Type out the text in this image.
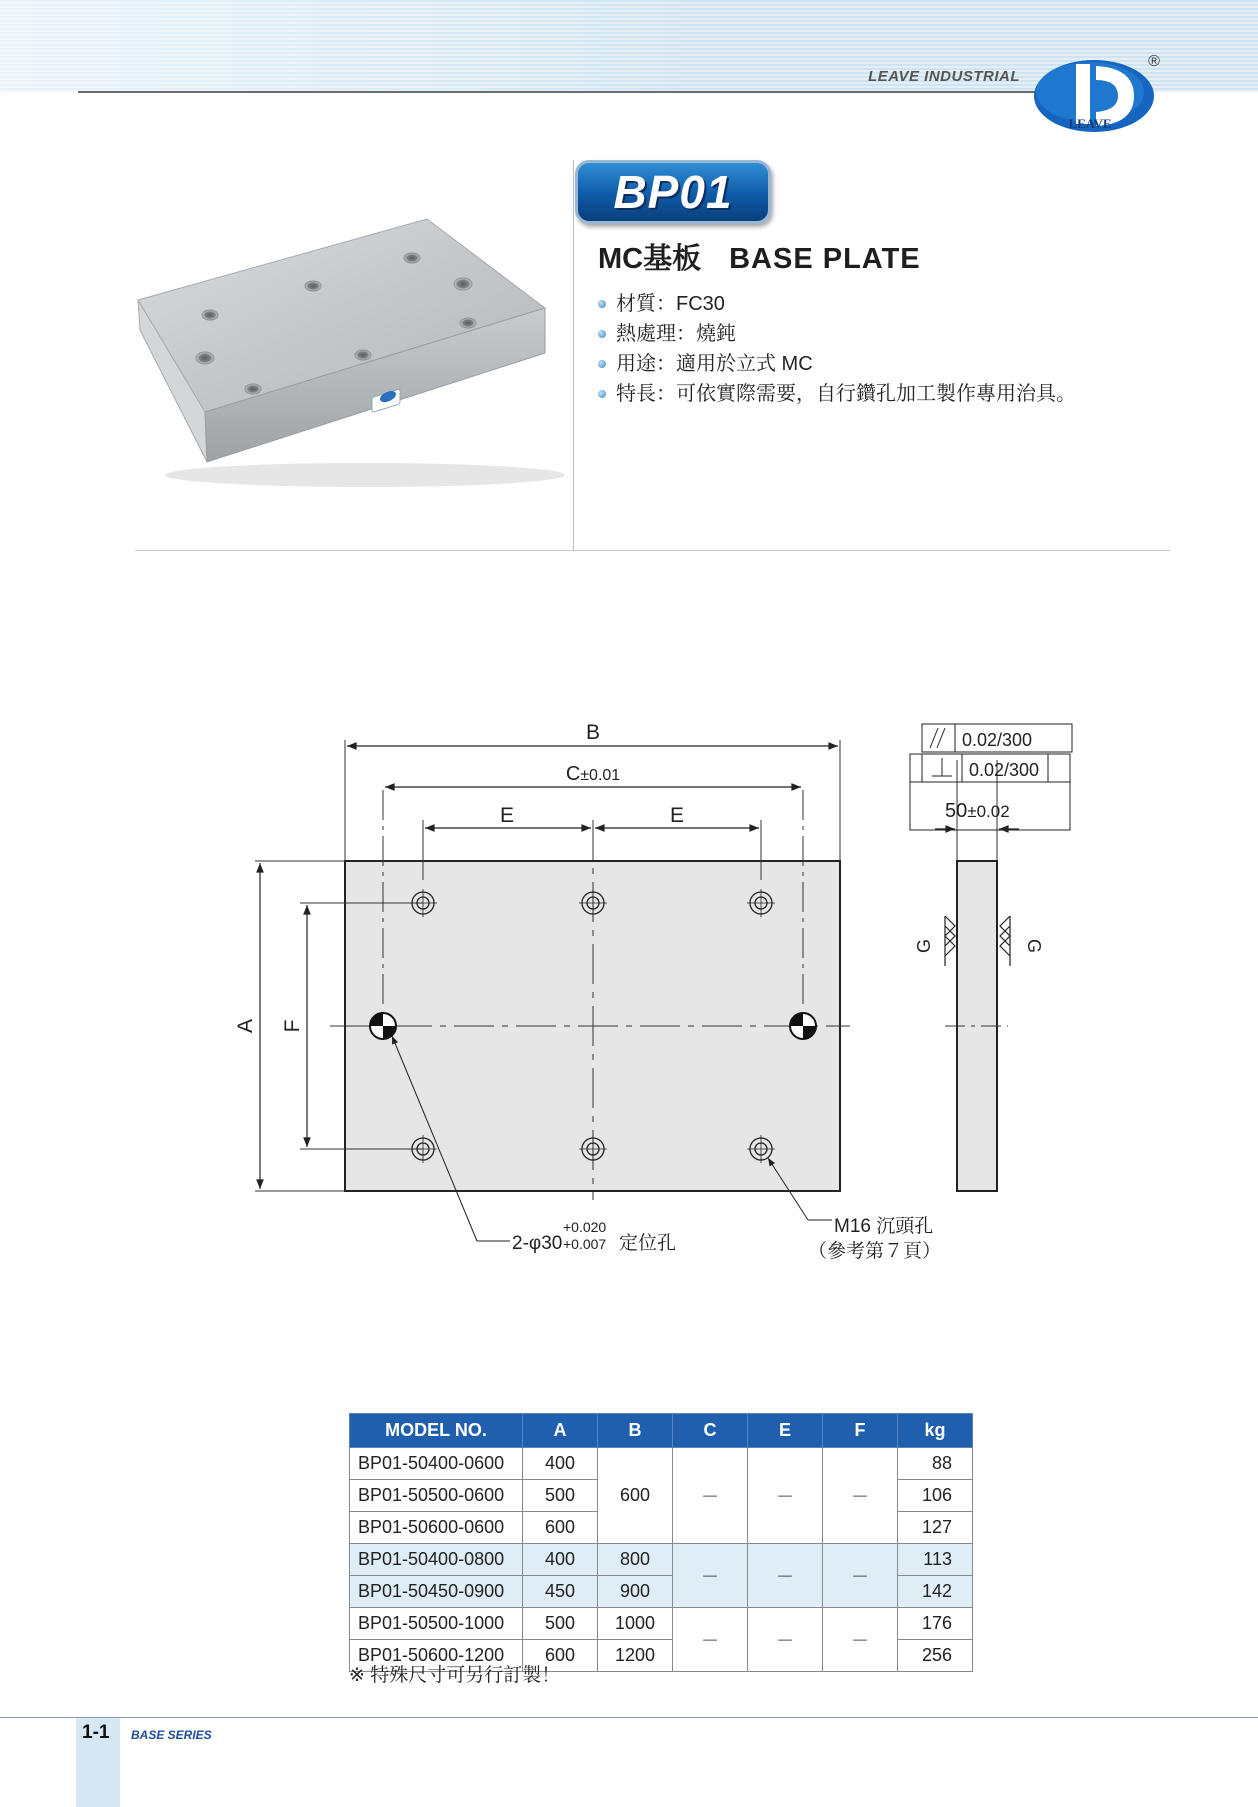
LEAVE INDUSTRIAL
LEAVE
®
BP01
MC基板 BASE PLATE
材質：FC30
熱處理：燒鈍
用途：適用於立式 MC
特長：可依實際需要，自行鑽孔加工製作專用治具。
B
C±0.01
E	E
A F
2-φ30
+0.020
+0.007 定位孔
M16 沉頭孔
（參考第７頁）
50±0.02
0.02/300
0.02/300
G	G
MODEL NO.	A	B	C	E	F	kg
BP01-50400-0600	400	600	－	－	－	88
BP01-50500-0600	500					106
BP01-50600-0600	600					127
BP01-50400-0800	400	800	－	－	－	113
BP01-50450-0900	450	900				142
BP01-50500-1000	500	1000	－	－	－	176
BP01-50600-1200	600	1200				256
※ 特殊尺寸可另行訂製！
1-1 BASE SERIES
